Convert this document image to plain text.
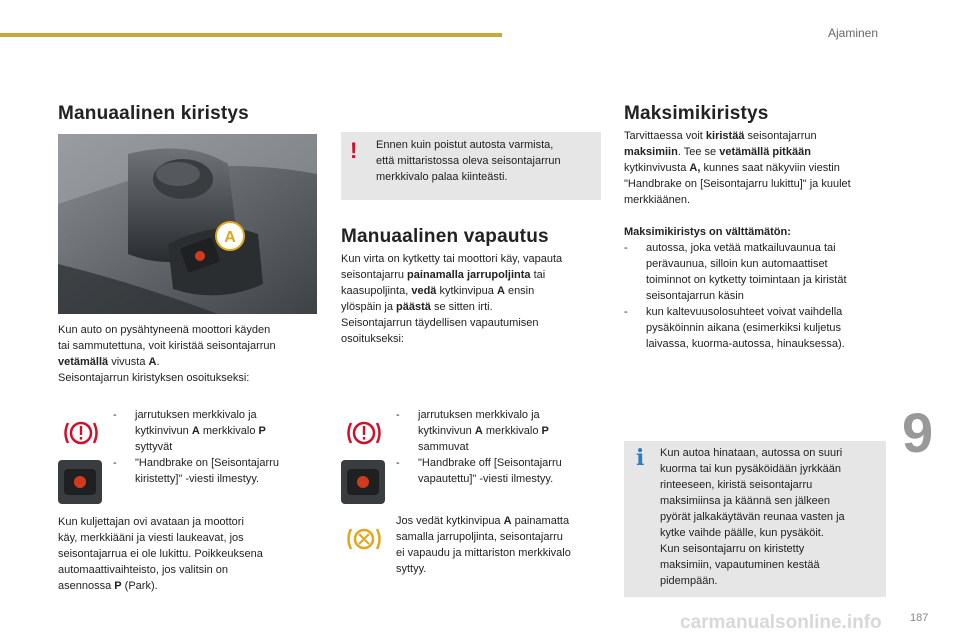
Ajaminen
Manuaalinen kiristys
A
Kun auto on pysähtyneenä moottori käyden
tai sammutettuna, voit kiristää seisontajarrun
vetämällä vivusta A.
Seisontajarrun kiristyksen osoitukseksi:
- jarrutuksen merkkivalo ja
kytkinvivun A merkkivalo P
syttyvät
- "Handbrake on [Seisontajarru
kiristetty]" -viesti ilmestyy.
Kun kuljettajan ovi avataan ja moottori
käy, merkkiääni ja viesti laukeavat, jos
seisontajarrua ei ole lukittu. Poikkeuksena
automaattivaihteisto, jos valitsin on
asennossa P (Park).
! Ennen kuin poistut autosta varmista,
että mittaristossa oleva seisontajarrun
merkkivalo palaa kiinteästi.
Manuaalinen vapautus
Kun virta on kytketty tai moottori käy, vapauta
seisontajarru painamalla jarrupoljinta tai
kaasupoljinta, vedä kytkinvipua A ensin
ylöspäin ja päästä se sitten irti.
Seisontajarrun täydellisen vapautumisen
osoitukseksi:
- jarrutuksen merkkivalo ja
kytkinvivun A merkkivalo P
sammuvat
- "Handbrake off [Seisontajarru
vapautettu]" -viesti ilmestyy.
Jos vedät kytkinvipua A painamatta
samalla jarrupoljinta, seisontajarru
ei vapaudu ja mittariston merkkivalo
syttyy.
Maksimikiristys
Tarvittaessa voit kiristää seisontajarrun
maksimiin. Tee se vetämällä pitkään
kytkinvivusta A, kunnes saat näkyviin viestin
"Handbrake on [Seisontajarru lukittu]" ja kuulet
merkkiäänen.
Maksimikiristys on välttämätön:
- autossa, joka vetää matkailuvaunua tai
perävaunua, silloin kun automaattiset
toiminnot on kytketty toimintaan ja kiristät
seisontajarrun käsin
- kun kaltevuusolosuhteet voivat vaihdella
pysäköinnin aikana (esimerkiksi kuljetus
laivassa, kuorma-autossa, hinauksessa).
i Kun autoa hinataan, autossa on suuri
kuorma tai kun pysäköidään jyrkkään
rinteeseen, kiristä seisontajarru
maksimiinsa ja käännä sen jälkeen
pyörät jalkakäytävän reunaa vasten ja
kytke vaihde päälle, kun pysäköit.
Kun seisontajarru on kiristetty
maksimiin, vapautuminen kestää
pidempään.
9
carmanualsonline.info	187
